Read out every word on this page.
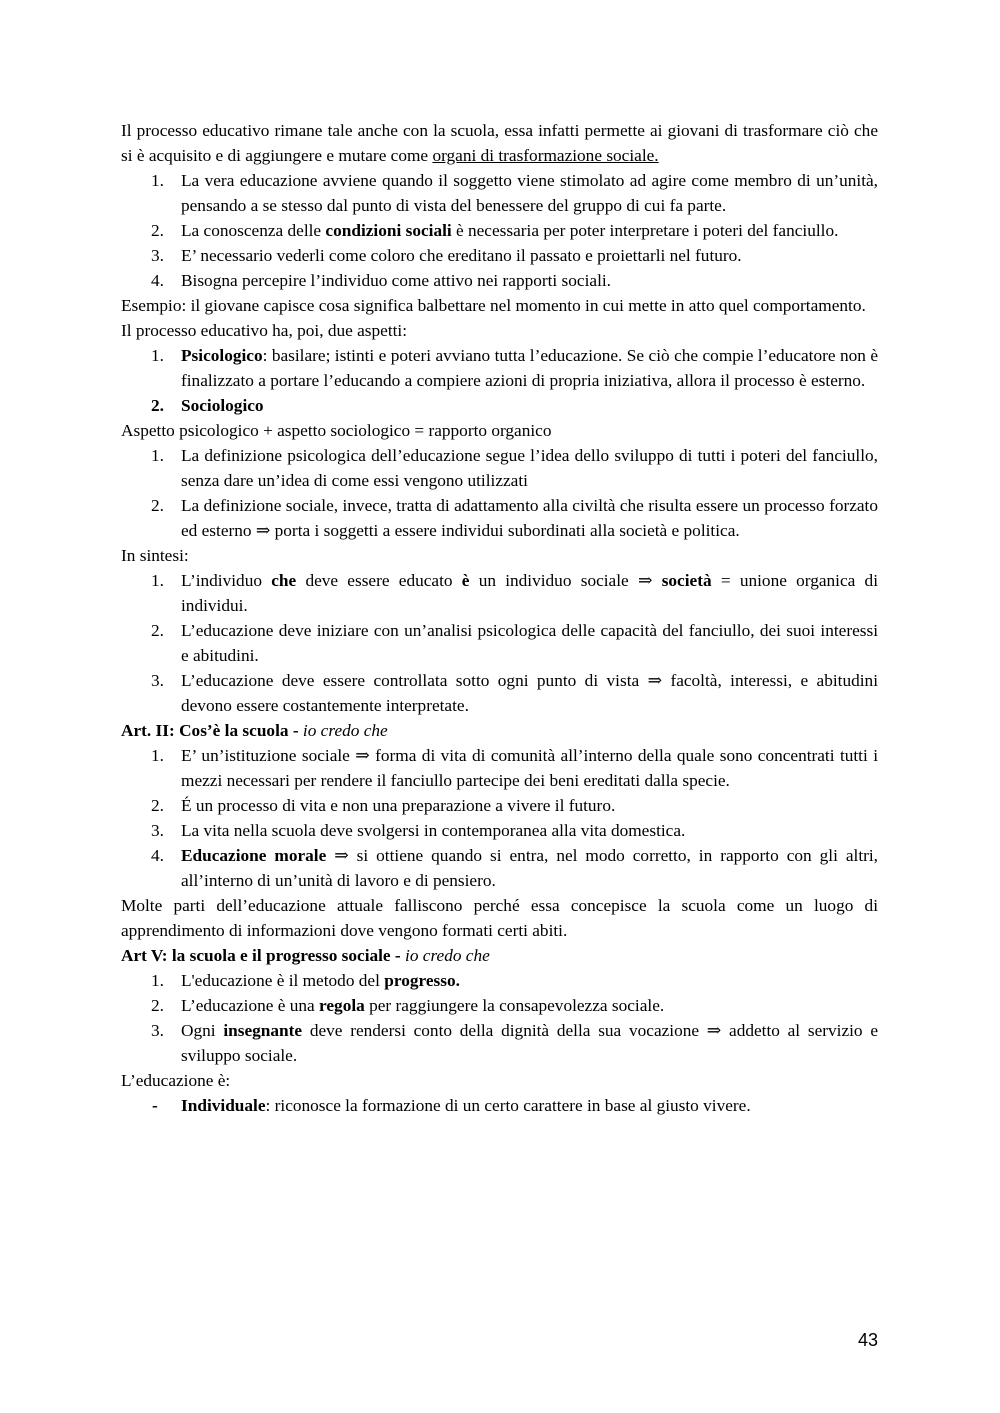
Il processo educativo rimane tale anche con la scuola, essa infatti permette ai giovani di trasformare ciò che si è acquisito e di aggiungere e mutare come organi di trasformazione sociale.

La vera educazione avviene quando il soggetto viene stimolato ad agire come membro di un’unità, pensando a se stesso dal punto di vista del benessere del gruppo di cui fa parte.
La conoscenza delle condizioni sociali è necessaria per poter interpretare i poteri del fanciullo.
E’ necessario vederli come coloro che ereditano il passato e proiettarli nel futuro.
Bisogna percepire l’individuo come attivo nei rapporti sociali.

Esempio: il giovane capisce cosa significa balbettare nel momento in cui mette in atto quel comportamento.

Il processo educativo ha, poi, due aspetti:

Psicologico: basilare; istinti e poteri avviano tutta l’educazione. Se ciò che compie l’educatore non è finalizzato a portare l’educando a compiere azioni di propria iniziativa, allora il processo è esterno.
Sociologico

Aspetto psicologico + aspetto sociologico = rapporto organico

La definizione psicologica dell’educazione segue l’idea dello sviluppo di tutti i poteri del fanciullo, senza dare un’idea di come essi vengono utilizzati
La definizione sociale, invece, tratta di adattamento alla civiltà che risulta essere un processo forzato ed esterno ⇒ porta i soggetti a essere individui subordinati alla società e politica.

In sintesi:

L’individuo che deve essere educato è un individuo sociale ⇒ società = unione organica di individui.
L’educazione deve iniziare con un’analisi psicologica delle capacità del fanciullo, dei suoi interessi e abitudini.
L’educazione deve essere controllata sotto ogni punto di vista ⇒ facoltà, interessi, e abitudini devono essere costantemente interpretate.

Art. II: Cos’è la scuola - io credo che

E’ un’istituzione sociale ⇒ forma di vita di comunità all’interno della quale sono concentrati tutti i mezzi necessari per rendere il fanciullo partecipe dei beni ereditati dalla specie.
É un processo di vita e non una preparazione a vivere il futuro.
La vita nella scuola deve svolgersi in contemporanea alla vita domestica.
Educazione morale ⇒ si ottiene quando si entra, nel modo corretto, in rapporto con gli altri, all’interno di un’unità di lavoro e di pensiero.

Molte parti dell’educazione attuale falliscono perché essa concepisce la scuola come un luogo di apprendimento di informazioni dove vengono formati certi abiti.

Art V: la scuola e il progresso sociale - io credo che

L'educazione è il metodo del progresso.
L’educazione è una regola per raggiungere la consapevolezza sociale.
Ogni insegnante deve rendersi conto della dignità della sua vocazione ⇒ addetto al servizio e sviluppo sociale.

L’educazione è:

- Individuale: riconosce la formazione di un certo carattere in base al giusto vivere.
43
